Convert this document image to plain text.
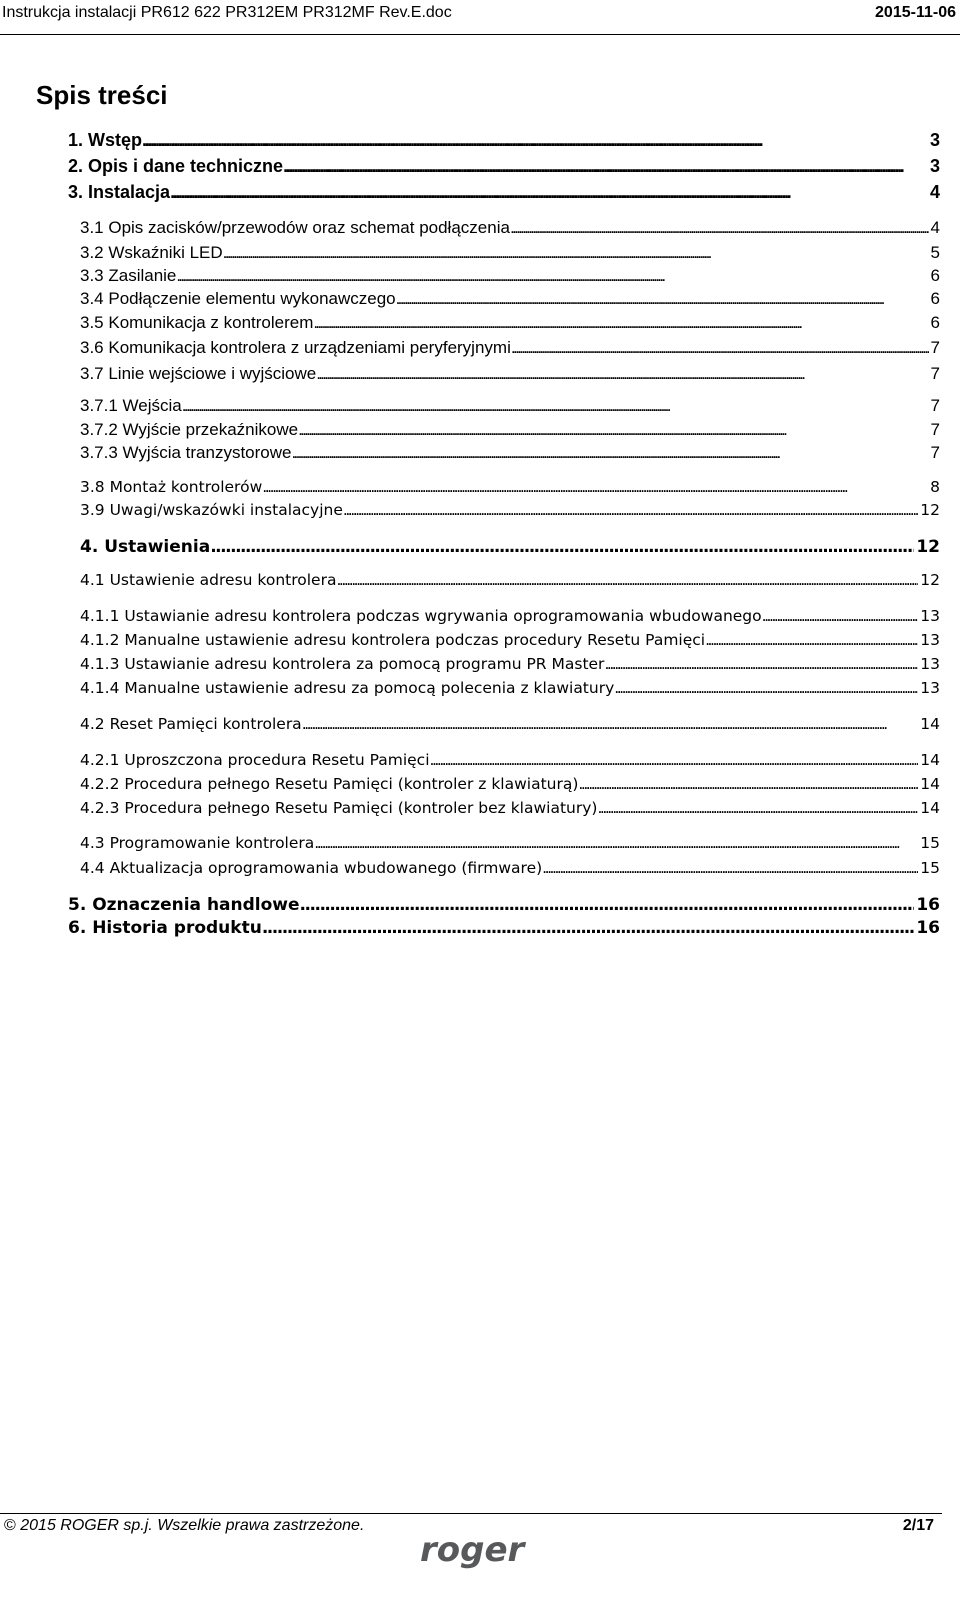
Instrukcja instalacji PR612 622 PR312EM PR312MF Rev.E.doc	2015-11-06
Spis treści
1. Wstęp . . .	3
2. Opis i dane techniczne . . .	3
3. Instalacja . . .	4
3.1 Opis zacisków/przewodów oraz schemat podłączenia . . .	4
3.2 Wskaźniki LED . . .	5
3.3 Zasilanie . . .	6
3.4 Podłączenie elementu wykonawczego . . .	6
3.5 Komunikacja z kontrolerem . . .	6
3.6 Komunikacja kontrolera z urządzeniami peryferyjnymi . . .	7
3.7 Linie wejściowe i wyjściowe . . .	7
3.7.1 Wejścia . . .	7
3.7.2 Wyjście przekaźnikowe . . .	7
3.7.3 Wyjścia tranzystorowe . . .	7
3.8 Montaż kontrolerów . . .	8
3.9 Uwagi/wskazówki instalacyjne . . .	12
4. Ustawienia . . .	12
4.1 Ustawienie adresu kontrolera . . .	12
4.1.1 Ustawianie adresu kontrolera podczas wgrywania oprogramowania wbudowanego . . .	13
4.1.2 Manualne ustawienie adresu kontrolera podczas procedury Resetu Pamięci . . .	13
4.1.3 Ustawianie adresu kontrolera za pomocą programu PR Master . . .	13
4.1.4 Manualne ustawienie adresu za pomocą polecenia z klawiatury . . .	13
4.2 Reset Pamięci kontrolera . . .	14
4.2.1 Uproszczona procedura Resetu Pamięci . . .	14
4.2.2 Procedura pełnego Resetu Pamięci (kontroler z klawiaturą) . . .	14
4.2.3 Procedura pełnego Resetu Pamięci (kontroler bez klawiatury) . . .	14
4.3 Programowanie kontrolera . . .	15
4.4 Aktualizacja oprogramowania wbudowanego (firmware) . . .	15
5. Oznaczenia handlowe . . .	16
6. Historia produktu . . .	16
© 2015 ROGER sp.j. Wszelkie prawa zastrzeżone.	2/17
roger
